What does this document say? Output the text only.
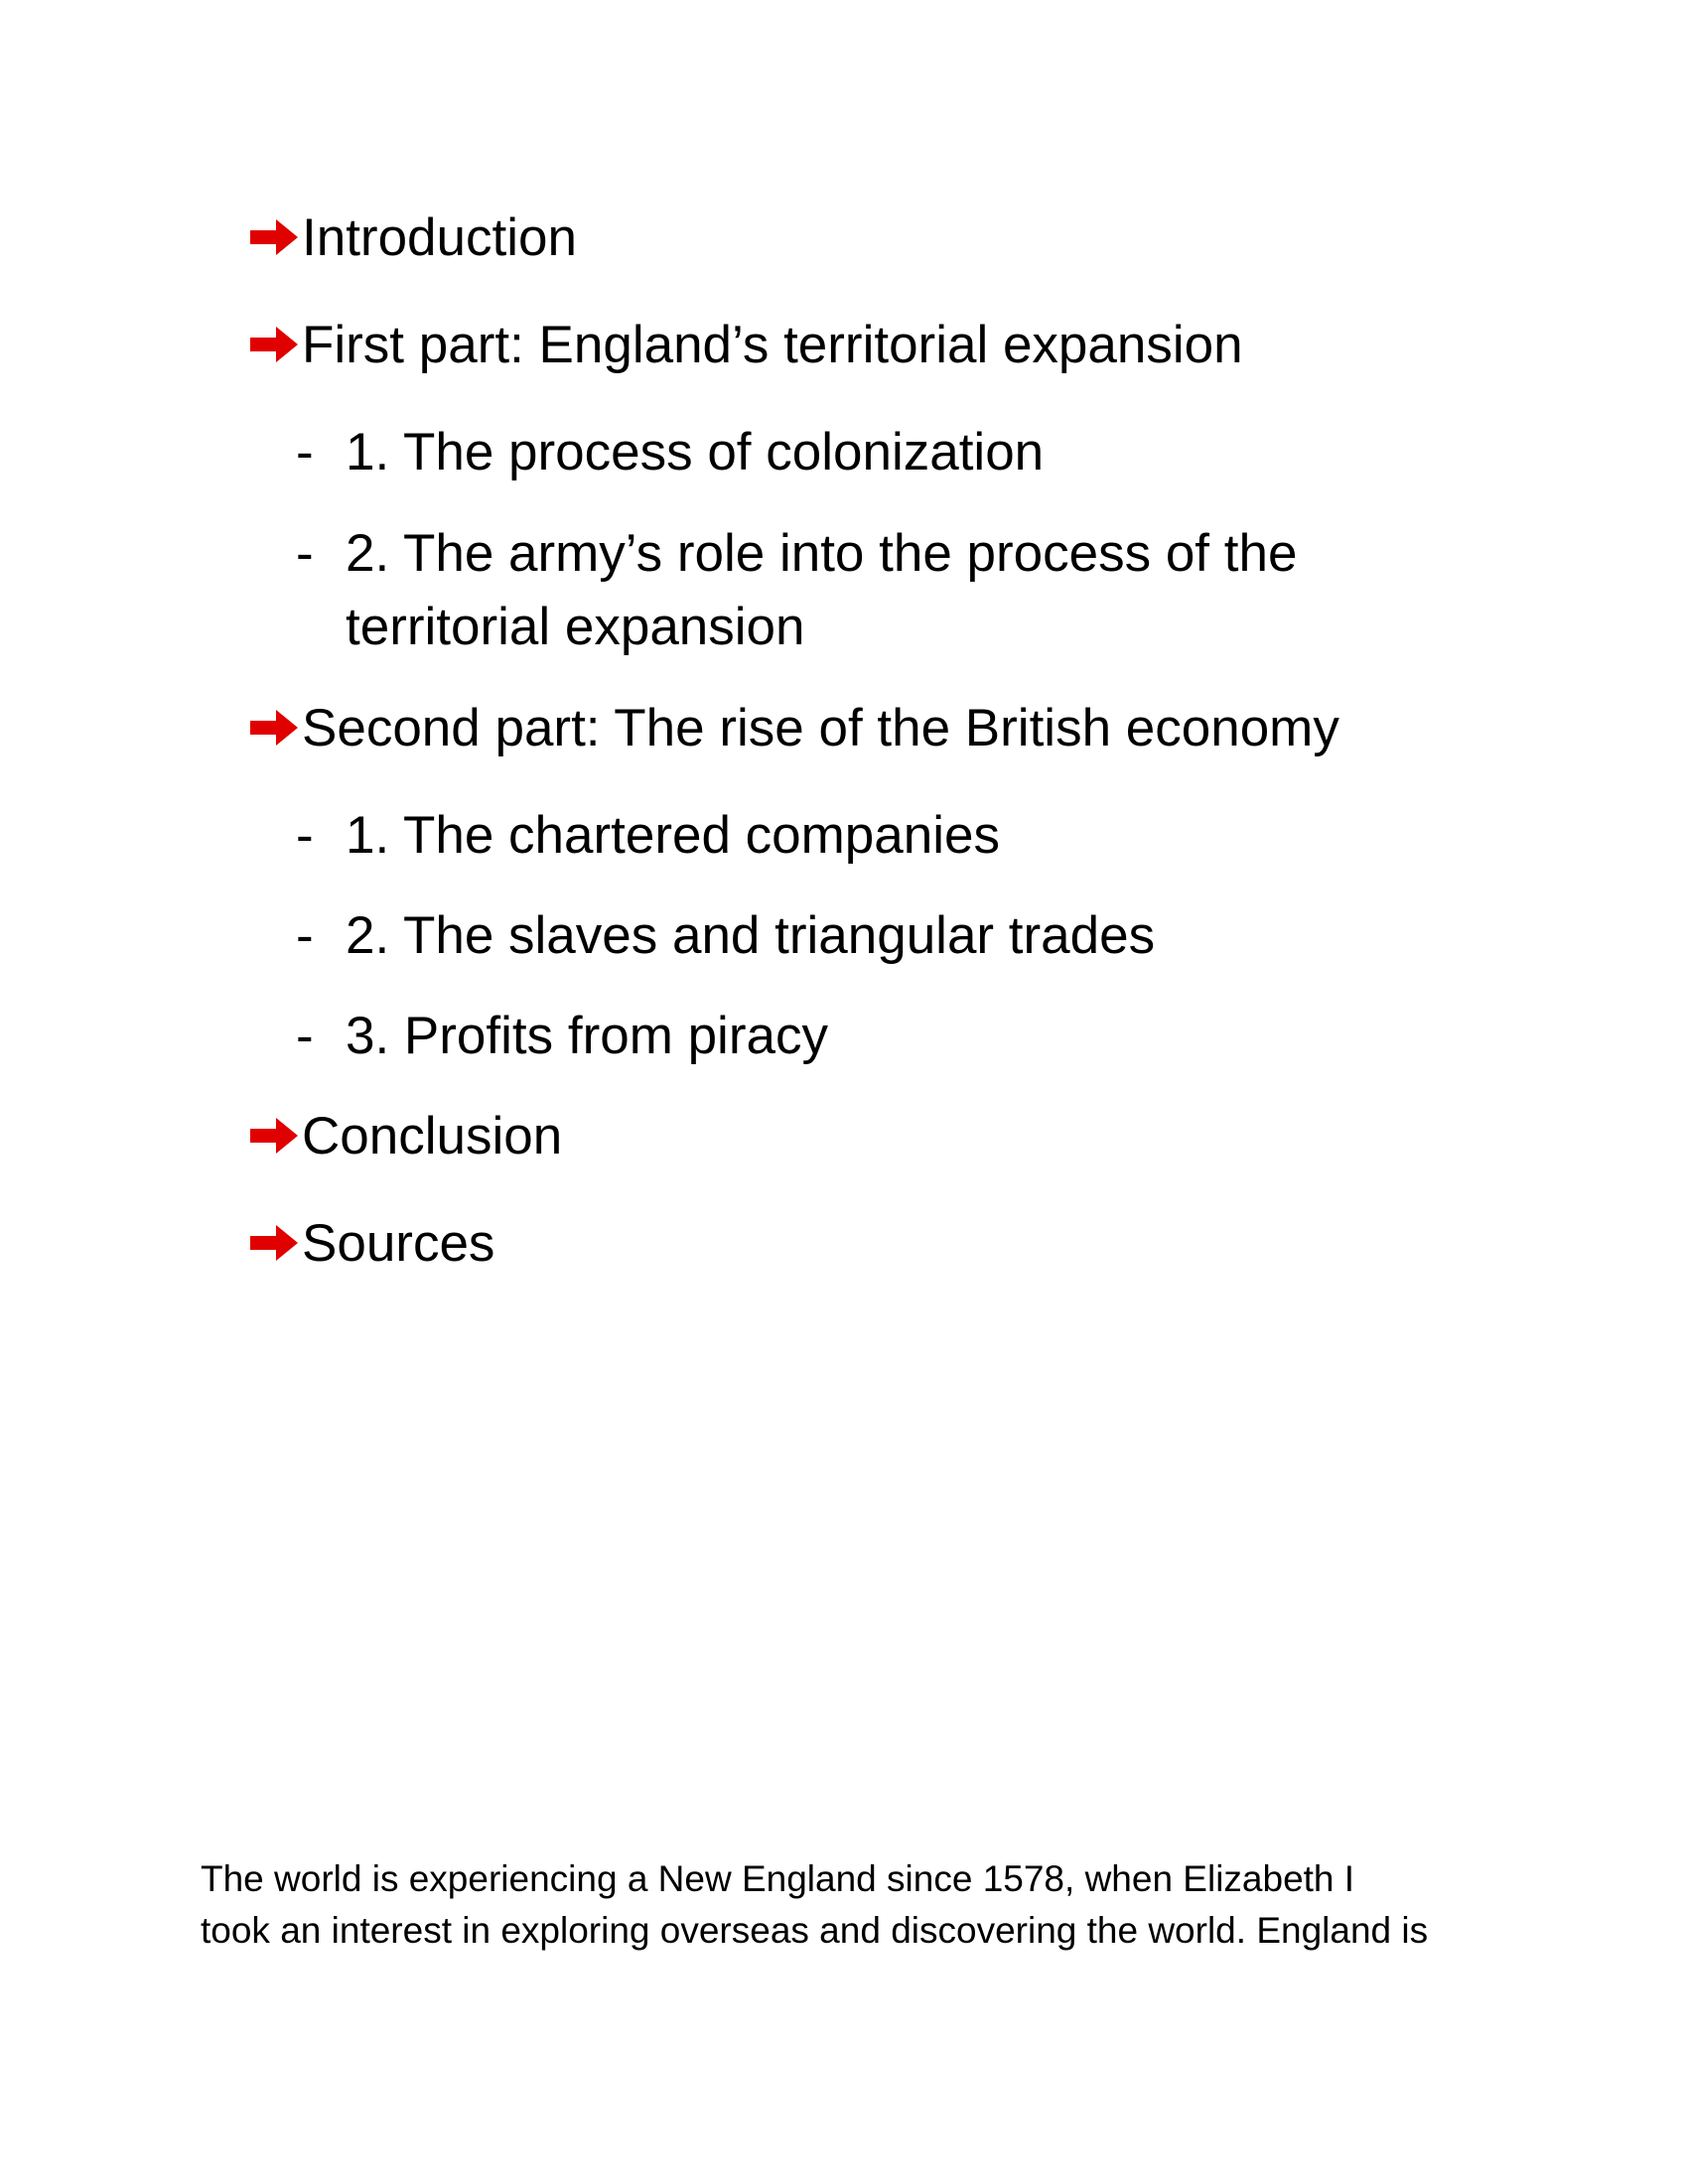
Introduction
First part: England’s territorial expansion
- 1. The process of colonization
- 2. The army’s role into the process of the territorial expansion
Second part: The rise of the British economy
- 1. The chartered companies
- 2. The slaves and triangular trades
- 3. Profits from piracy
Conclusion
Sources
The world is experiencing a New England since 1578, when Elizabeth I
took an interest in exploring overseas and discovering the world. England is
